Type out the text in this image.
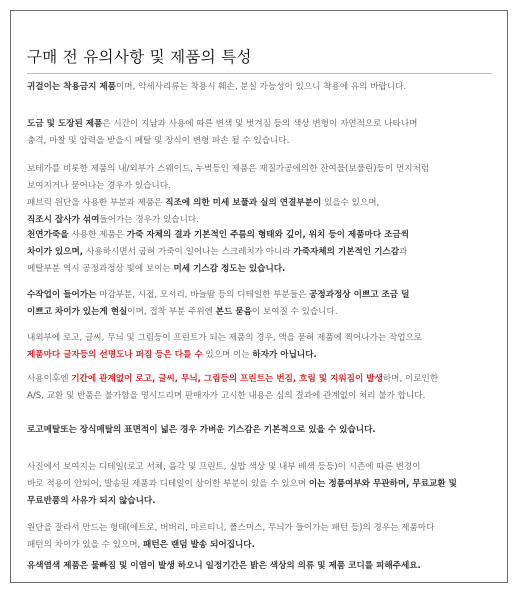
구매 전 유의사항 및 제품의 특성
귀걸이는 착용금지 제품이며, 악세사리류는 착용시 훼손, 분실 가능성이 있으니 착용에 유의 바랍니다.
도금 및 도장된 제품은 시간이 지남과 사용에 따른 변색 및 벗겨짐 등의 색상 변형이 자연적으로 나타나며
충격, 마찰 및 압력을 받을시 메탈 및 장식이 변형 파손 될 수 있습니다.
보테가를 비롯한 제품의 내/외부가 스웨이드, 누벅등인 제품은 재질가공에의한 잔여물(보풀린)등이 먼지처럼
보여지거나 묻어나는 경우가 있습니다.
패브릭 원단을 사용한 부분과 제품은 직조에 의한 미세 보풀과 실의 연결부분이 있을수 있으며,
직조시 잡사가 섞여들어가는 경우가 있습니다.
천연가죽을 사용한 제품은 가죽 자체의 결과 기본적인 주름의 형태와 깊이, 위치 등이 제품마다 조금씩
차이가 있으며, 사용하시면서 굽혀 가죽이 일어나는 스크레치가 아니라 가죽자체의 기본적인 기스감과
메탈부분 역시 공정과정상 빛에 보이는 미세 기스감 정도는 있습니다.
수작업이 들어가는 마감부분, 시접, 모서리, 바늘땀 등의 디테일한 부분들은 공정과정상 이쁘고 조금 덜
이쁘고 차이가 있는게 현실이며, 접착 부분 주위엔 본드 묻음이 보여질 수 있습니다.
내외부에 로고, 글씨, 무늬 및 그림등이 프린트가 되는 제품의 경우, 액을 묻혀 제품에 찍어나가는 작업으로
제품마다 글자등의 선명도나 퍼짐 등은 다를 수 있으며 이는 하자가 아닙니다.
사용이후엔 기간에 관계없이 로고, 글씨, 무늬, 그림등의 프린트는 번짐, 흐림 및 지워짐이 발생하며, 이로인한
A/S, 교환 및 반품은 불가함을 명시드리며 판매자가 고시한 내용은 심의 결과에 관계없이 처리 불가 합니다.
로고메탈또는 장식메탈의 표면적이 넓은 경우 가벼운 기스감은 기본적으로 있을 수 있습니다.
사진에서 보여지는 디테일(로고 서체, 음각 및 프린트, 실밥 색상 및 내부 배색 등등)이 시즌에 따른 변경이
바로 적용이 안되어, 발송된 제품과 디테일이 상이한 부분이 있을 수 있으며 이는 정품여부와 무관하며, 무료교환 및
무료반품의 사유가 되지 않습니다.
원단을 잘라서 만드는 형태(에트로, 버버리, 마르티니, 폴스미스, 무늬가 들어가는 패턴 등)의 경우는 제품마다
패턴의 차이가 있을 수 있으며, 패턴은 랜덤 발송 되어집니다.
유색염색 제품은 물빠짐 및 이염이 발생 하오니 일정기간은 밝은 색상의 의류 및 제품 코디를 피해주세요.
